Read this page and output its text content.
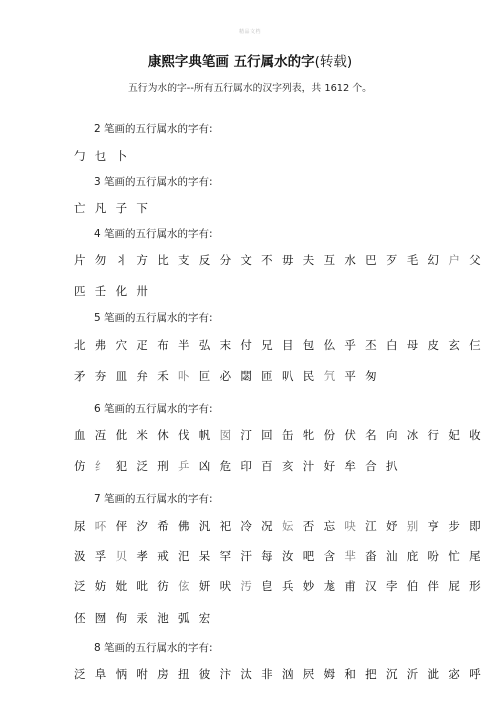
精品文档
康熙字典笔画 五行属水的字(转载)
五行为水的字--所有五行属水的汉字列表，共 1612 个。
2 笔画的五行属水的字有:
勹 乜 卜
3 笔画的五行属水的字有:
亡 凡 子 下
4 笔画的五行属水的字有:
片 勿 丬 方 比 支 反 分 文 不 毋 夫 互 水 巴 歹 毛 幻 户 父
匹 壬 化 卅
5 笔画的五行属水的字有:
北 弗 穴 疋 布 半 弘 末 付 兄 目 包 仫 乎 丕 白 母 皮 玄 仨
矛 夯 皿 弁 禾 卟 叵 必 閟 匝 叭 民 氕 平 匆
6 笔画的五行属水的字有:
血 冱 仳 米 休 伐 帆 囡 汀 回 缶 牝 份 伏 名 向 冰 行 妃 收
仿 纟 犯 泛 刑 乒 凶 危 印 百 亥 汁 好 牟 合 扒
7 笔画的五行属水的字有:
尿 吥 伻 汐 希 佛 汎 祀 冷 况 妘 否 忘 吷 江 妤 别 亨 步 即
汲 孚 贝 孝 戒 汜 呆 罕 汗 每 汝 吧 含 芈 畓 汕 庇 吩 忙 尾
泛 妨 妣 吡 彷 伭 妍 吠 汚 皀 兵 妙 尨 甫 汉 孛 伯 伴 屁 形
伾 囫 佝 汞 池 弧 宏
8 笔画的五行属水的字有:
泛 阜 怲 咐 房 扭 彼 汴 汰 非 汹 屄 姆 和 把 沉 沂 泚 宓 呼
